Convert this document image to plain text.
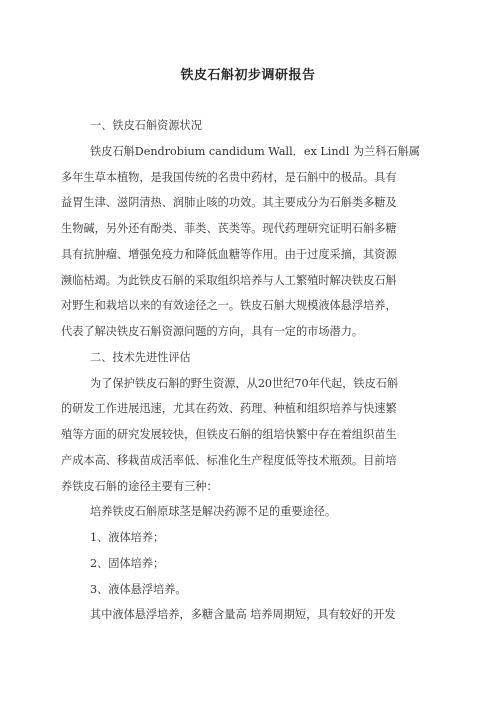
铁皮石斛初步调研报告
一、铁皮石斛资源状况
铁皮石斛Dendrobium candidum Wall．ex Lindl 为兰科石斛属
多年生草本植物，是我国传统的名贵中药材，是石斛中的极品。具有
益胃生津、滋阴清热、润肺止咳的功效。其主要成分为石斛类多糖及
生物碱，另外还有酚类、菲类、芪类等。现代药理研究证明石斛多糖
具有抗肿瘤、增强免疫力和降低血糖等作用。由于过度采摘，其资源
濒临枯竭。为此铁皮石斛的采取组织培养与人工繁殖时解决铁皮石斛
对野生和栽培以来的有效途径之一。铁皮石斛大规模液体悬浮培养，
代表了解决铁皮石斛资源问题的方向，具有一定的市场潜力。
二、技术先进性评估
为了保护铁皮石斛的野生资源，从20世纪70年代起，铁皮石斛
的研发工作进展迅速，尤其在药效、药理、种植和组织培养与快速繁
殖等方面的研究发展较快，但铁皮石斛的组培快繁中存在着组织苗生
产成本高、移栽苗成活率低、标准化生产程度低等技术瓶颈。目前培
养铁皮石斛的途径主要有三种：
培养铁皮石斛原球茎是解决药源不足的重要途径。
1、液体培养；
2、固体培养；
3、液体悬浮培养。
其中液体悬浮培养，多糖含量高 培养周期短，具有较好的开发
